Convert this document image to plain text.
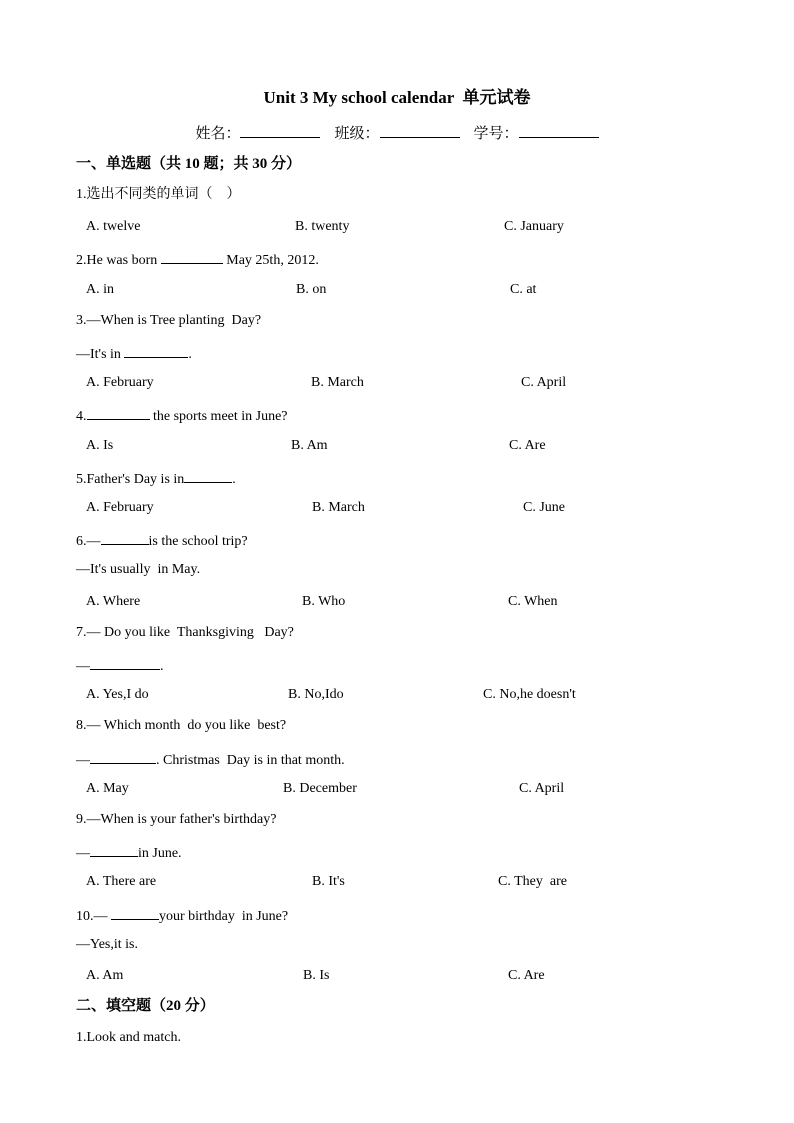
Unit 3 My school calendar  单元试卷
姓名：	班级：	学号：
一、单选题（共 10 题；共 30 分）
1.选出不同类的单词（    ）
A. twelve	B. twenty	C. January
2.He was born	May 25th, 2012.
A. in	B. on	C. at
3.—When is Tree planting  Day?
—It's in	.
A. February	B. March	C. April
4.	the sports meet in June?
A. Is	B. Am	C. Are
5.Father's Day is in	.
A. February	B. March	C. June
6.—	is the school trip?
—It's usually  in May.
A. Where	B. Who	C. When
7.— Do you like  Thanksgiving   Day?
—	.
A. Yes,I do	B. No,Ido	C. No,he doesn't
8.— Which month  do you like  best?
—	. Christmas  Day is in that month.
A. May	B. December	C. April
9.—When is your father's birthday?
—	in June.
A. There are	B. It's	C. They  are
10.—	your birthday  in June?
—Yes,it is.
A. Am	B. Is	C. Are
二、填空题（20 分）
1.Look and match.
